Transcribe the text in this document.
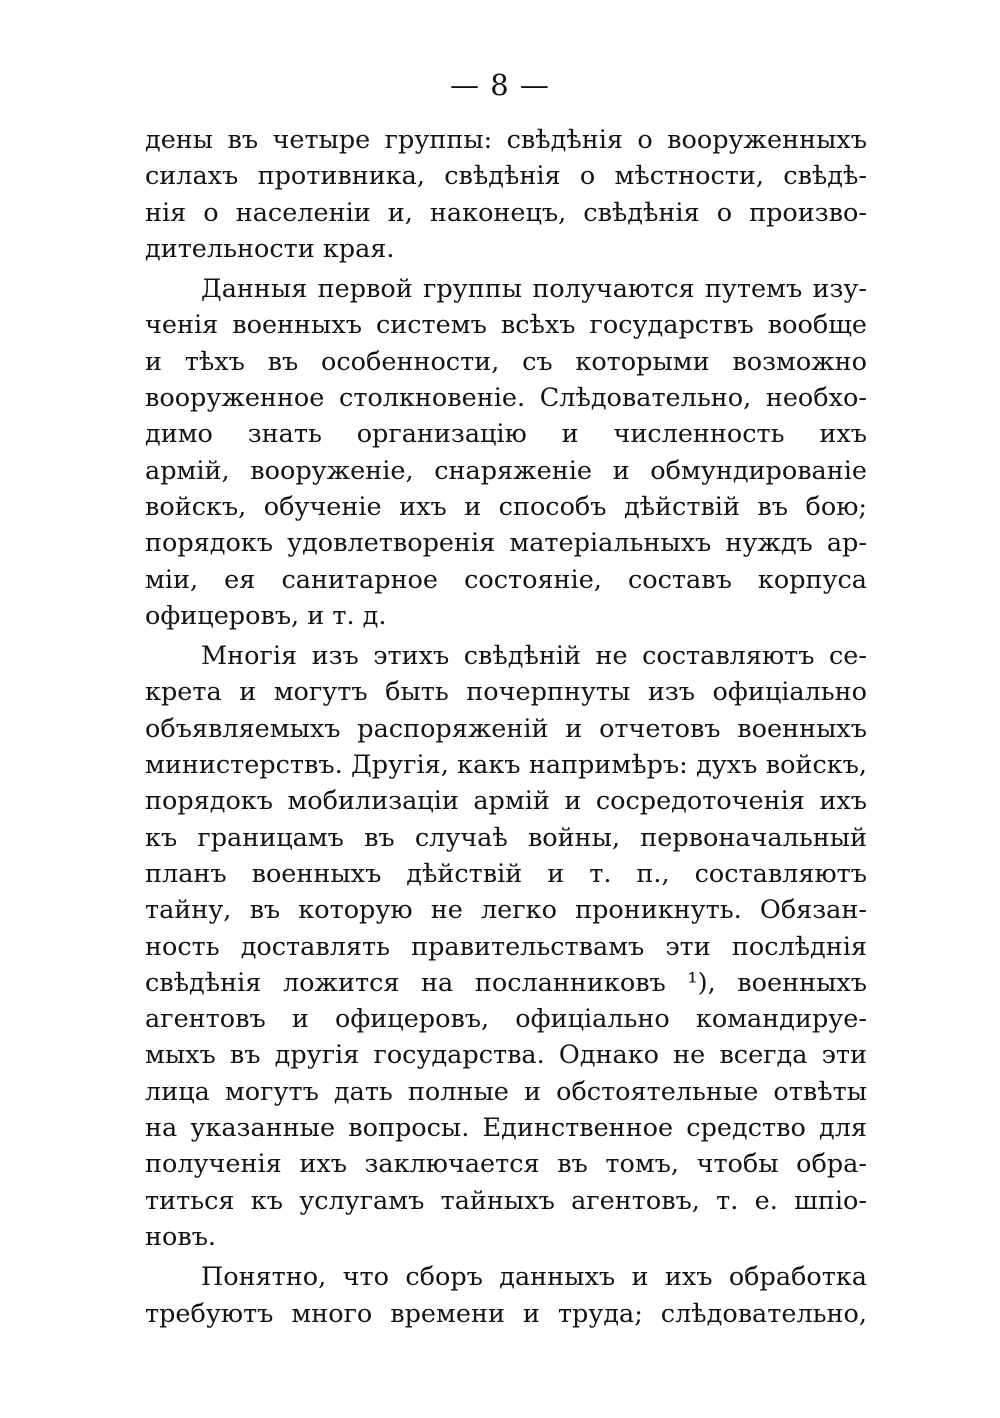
— 8 —
дены въ четыре группы: свѣдѣнія о вооруженныхъ
силахъ противника, свѣдѣнія о мѣстности, свѣдѣ-
нія о населеніи и, наконецъ, свѣдѣнія о произво-
дительности края.
Данныя первой группы получаются путемъ изу-
ченія военныхъ системъ всѣхъ государствъ вообще
и тѣхъ въ особенности, съ которыми возможно
вооруженное столкновеніе. Слѣдовательно, необхо-
димо знать организацію и численность ихъ
армій, вооруженіе, снаряженіе и обмундированіе
войскъ, обученіе ихъ и способъ дѣйствій въ бою;
порядокъ удовлетворенія матеріальныхъ нуждъ ар-
міи, ея санитарное состояніе, составъ корпуса
офицеровъ, и т. д.
Многія изъ этихъ свѣдѣній не составляютъ се-
крета и могутъ быть почерпнуты изъ офиціально
объявляемыхъ распоряженій и отчетовъ военныхъ
министерствъ. Другія, какъ напримѣръ: духъ войскъ,
порядокъ мобилизаціи армій и сосредоточенія ихъ
къ границамъ въ случаѣ войны, первоначальный
планъ военныхъ дѣйствій и т. п., составляютъ
тайну, въ которую не легко проникнуть. Обязан-
ность доставлять правительствамъ эти послѣднія
свѣдѣнія ложится на посланниковъ ¹), военныхъ
агентовъ и офицеровъ, офиціально командируе-
мыхъ въ другія государства. Однако не всегда эти
лица могутъ дать полные и обстоятельные отвѣты
на указанные вопросы. Единственное средство для
полученія ихъ заключается въ томъ, чтобы обра-
титься къ услугамъ тайныхъ агентовъ, т. е. шпіо-
новъ.
Понятно, что сборъ данныхъ и ихъ обработка
требуютъ много времени и труда; слѣдовательно,
